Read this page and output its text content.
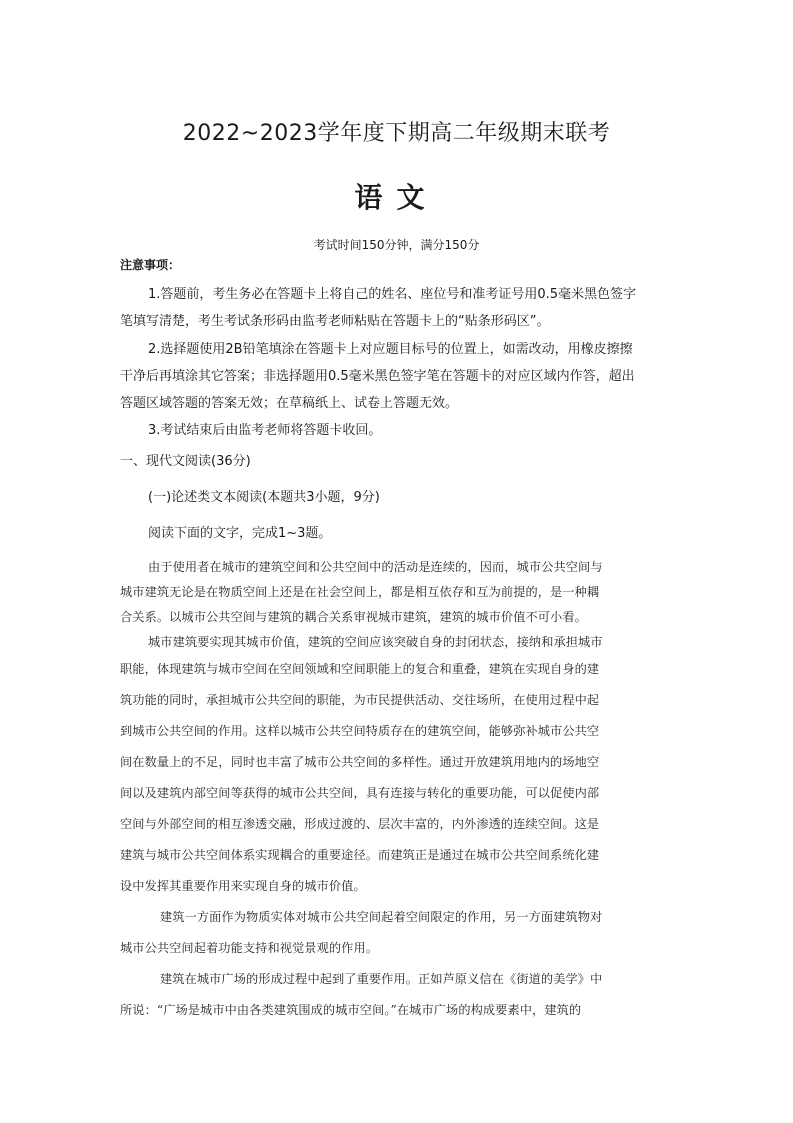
2022~2023学年度下期高二年级期末联考
语文

考试时间150分钟，满分150分

注意事项：

1.答题前，考生务必在答题卡上将自己的姓名、座位号和准考证号用0.5毫米黑色签字

笔填写清楚，考生考试条形码由监考老师粘贴在答题卡上的“贴条形码区”。

2.选择题使用2B铅笔填涂在答题卡上对应题目标号的位置上，如需改动，用橡皮擦擦

干净后再填涂其它答案；非选择题用0.5毫米黑色签字笔在答题卡的对应区域内作答，超出

答题区域答题的答案无效；在草稿纸上、试卷上答题无效。

3.考试结束后由监考老师将答题卡收回。

一、现代文阅读(36分)

(一)论述类文本阅读(本题共3小题，9分)

阅读下面的文字，完成1~3题。

由于使用者在城市的建筑空间和公共空间中的活动是连续的，因而，城市公共空间与

城市建筑无论是在物质空间上还是在社会空间上，都是相互依存和互为前提的，是一种耦

合关系。以城市公共空间与建筑的耦合关系审视城市建筑，建筑的城市价值不可小看。

城市建筑要实现其城市价值，建筑的空间应该突破自身的封闭状态，接纳和承担城市

职能，体现建筑与城市空间在空间领域和空间职能上的复合和重叠，建筑在实现自身的建

筑功能的同时，承担城市公共空间的职能，为市民提供活动、交往场所，在使用过程中起

到城市公共空间的作用。这样以城市公共空间特质存在的建筑空间，能够弥补城市公共空

间在数量上的不足，同时也丰富了城市公共空间的多样性。通过开放建筑用地内的场地空

间以及建筑内部空间等获得的城市公共空间，具有连接与转化的重要功能，可以促使内部

空间与外部空间的相互渗透交融，形成过渡的、层次丰富的，内外渗透的连续空间。这是

建筑与城市公共空间体系实现耦合的重要途径。而建筑正是通过在城市公共空间系统化建

设中发挥其重要作用来实现自身的城市价值。

建筑一方面作为物质实体对城市公共空间起着空间限定的作用，另一方面建筑物对

城市公共空间起着功能支持和视觉景观的作用。

建筑在城市广场的形成过程中起到了重要作用。正如芦原义信在《街道的美学》中

所说：“广场是城市中由各类建筑围成的城市空间。”在城市广场的构成要素中，建筑的
